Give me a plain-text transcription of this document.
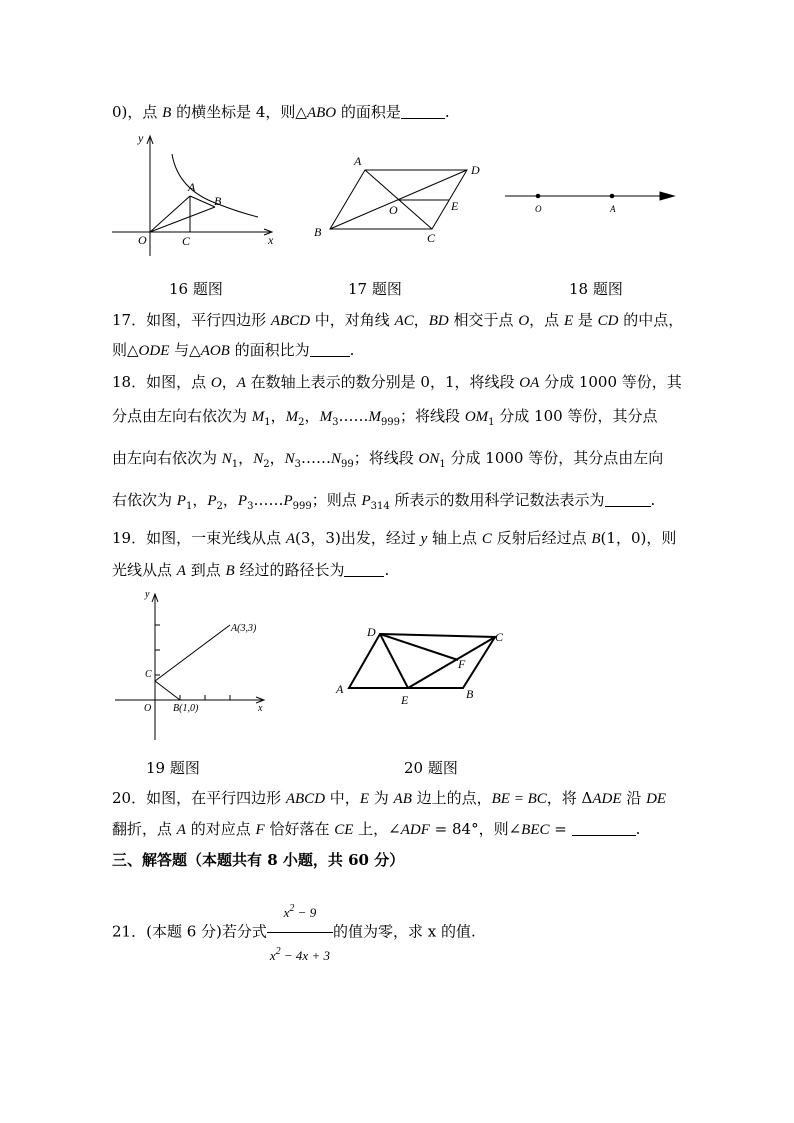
0)，点 B 的横坐标是 4，则△ABO 的面积是	.
y
x
O
A
B
C
A
D
O	E
B	C
O	A
16 题图	17 题图	18 题图
17．如图，平行四边形 ABCD 中，对角线 AC，BD 相交于点 O，点 E 是 CD 的中点，
则△ODE 与△AOB 的面积比为	.
18．如图，点 O，A 在数轴上表示的数分别是 0，1，将线段 OA 分成 1000 等份，其
分点由左向右依次为 $M_1$，$M_2$，$M_3\dots\dots M_{999}$；将线段 $OM_1$ 分成 100 等份，其分点
由左向右依次为 $N_1$，$N_2$，$N_3\dots\dots N_{99}$；将线段 $ON_1$ 分成 1000 等份，其分点由左向
右依次为 $P_1$，$P_2$，$P_3\dots\dots P_{999}$；则点 $P_{314}$ 所表示的数用科学记数法表示为	.
19．如图，一束光线从点 A(3，3)出发，经过 y 轴上点 C 反射后经过点 B(1，0)，则
光线从点 A 到点 B 经过的路径长为	.
y
x
O
A(3,3)
C
B(1,0)
D	C
F
A
E	B
19 题图	20 题图
20．如图，在平行四边形 ABCD 中，E 为 AB 边上的点，BE = BC，将 ΔADE 沿 DE
翻折，点 A 的对应点 F 恰好落在 CE 上，∠ADF = 84°，则∠BEC =	.
三、解答题（本题共有 8 小题，共 60 分）
21．(本题 6 分)若分式 $\frac{x^2 - 9}{x^2 - 4x + 3}$ 的值为零，求 x 的值.
